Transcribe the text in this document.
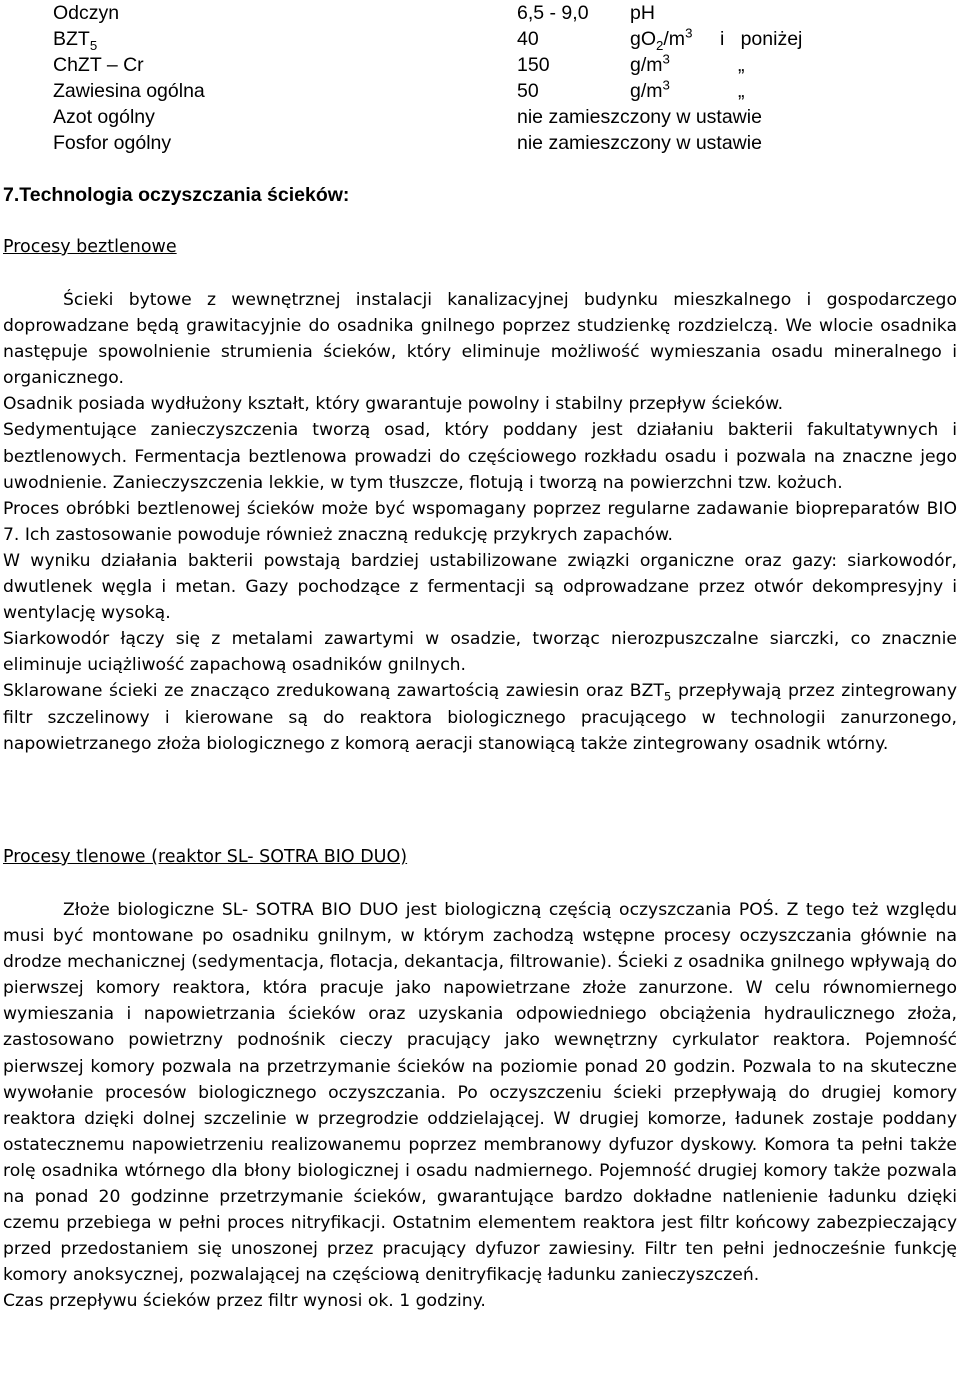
Odczyn	6,5 - 9,0 pH
$BZT_5$	40	$gO_2/m^3$ i   poniżej
ChZT – Cr	150	$g/m^3$	„
Zawiesina ogólna	50	$g/m^3$	„
Azot ogólny	nie zamieszczony w ustawie
Fosfor ogólny	nie zamieszczony w ustawie
7.Technologia oczyszczania ścieków:
Procesy beztlenowe

Ścieki bytowe z wewnętrznej instalacji kanalizacyjnej budynku mieszkalnego i gospodarczego doprowadzane będą grawitacyjnie do osadnika gnilnego poprzez studzienkę rozdzielczą. We wlocie osadnika następuje spowolnienie strumienia ścieków, który eliminuje możliwość wymieszania osadu mineralnego i organicznego.

Osadnik posiada wydłużony kształt, który gwarantuje powolny i stabilny przepływ ścieków.

Sedymentujące zanieczyszczenia tworzą osad, który poddany jest działaniu bakterii fakultatywnych i beztlenowych. Fermentacja beztlenowa prowadzi do częściowego rozkładu osadu i pozwala na znaczne jego uwodnienie. Zanieczyszczenia lekkie, w tym tłuszcze, flotują i tworzą na powierzchni tzw. kożuch.

Proces obróbki beztlenowej ścieków może być wspomagany poprzez regularne zadawanie biopreparatów BIO 7. Ich zastosowanie powoduje również znaczną redukcję przykrych zapachów.

W wyniku działania bakterii powstają bardziej ustabilizowane związki organiczne oraz gazy: siarkowodór, dwutlenek węgla i metan. Gazy pochodzące z fermentacji są odprowadzane przez otwór dekompresyjny i wentylację wysoką.

Siarkowodór łączy się z metalami zawartymi w osadzie, tworząc nierozpuszczalne siarczki, co znacznie eliminuje uciążliwość zapachową osadników gnilnych.

Sklarowane ścieki ze znacząco zredukowaną zawartością zawiesin oraz $BZT_5$ przepływają przez zintegrowany filtr szczelinowy i kierowane są do reaktora biologicznego pracującego w technologii zanurzonego, napowietrzanego złoża biologicznego z komorą aeracji stanowiącą także zintegrowany osadnik wtórny.

Procesy tlenowe (reaktor SL- SOTRA BIO DUO)

Złoże biologiczne SL- SOTRA BIO DUO jest biologiczną częścią oczyszczania POŚ. Z tego też względu musi być montowane po osadniku gnilnym, w którym zachodzą wstępne procesy oczyszczania głównie na drodze mechanicznej (sedymentacja, flotacja, dekantacja, filtrowanie). Ścieki z osadnika gnilnego wpływają do pierwszej komory reaktora, która pracuje jako napowietrzane złoże zanurzone. W celu równomiernego wymieszania i napowietrzania ścieków oraz uzyskania odpowiedniego obciążenia hydraulicznego złoża, zastosowano powietrzny podnośnik cieczy pracujący jako wewnętrzny cyrkulator reaktora. Pojemność pierwszej komory pozwala na przetrzymanie ścieków na poziomie ponad 20 godzin. Pozwala to na skuteczne wywołanie procesów biologicznego oczyszczania. Po oczyszczeniu ścieki przepływają do drugiej komory reaktora dzięki dolnej szczelinie w przegrodzie oddzielającej. W drugiej komorze, ładunek zostaje poddany ostatecznemu napowietrzeniu realizowanemu poprzez membranowy dyfuzor dyskowy. Komora ta pełni także rolę osadnika wtórnego dla błony biologicznej i osadu nadmiernego. Pojemność drugiej komory także pozwala na ponad 20 godzinne przetrzymanie ścieków, gwarantujące bardzo dokładne natlenienie ładunku dzięki czemu przebiega w pełni proces nitryfikacji. Ostatnim elementem reaktora jest filtr końcowy zabezpieczający przed przedostaniem się unoszonej przez pracujący dyfuzor zawiesiny. Filtr ten pełni jednocześnie funkcję komory anoksycznej, pozwalającej na częściową denitryfikację ładunku zanieczyszczeń.

Czas przepływu ścieków przez filtr wynosi ok. 1 godziny.
